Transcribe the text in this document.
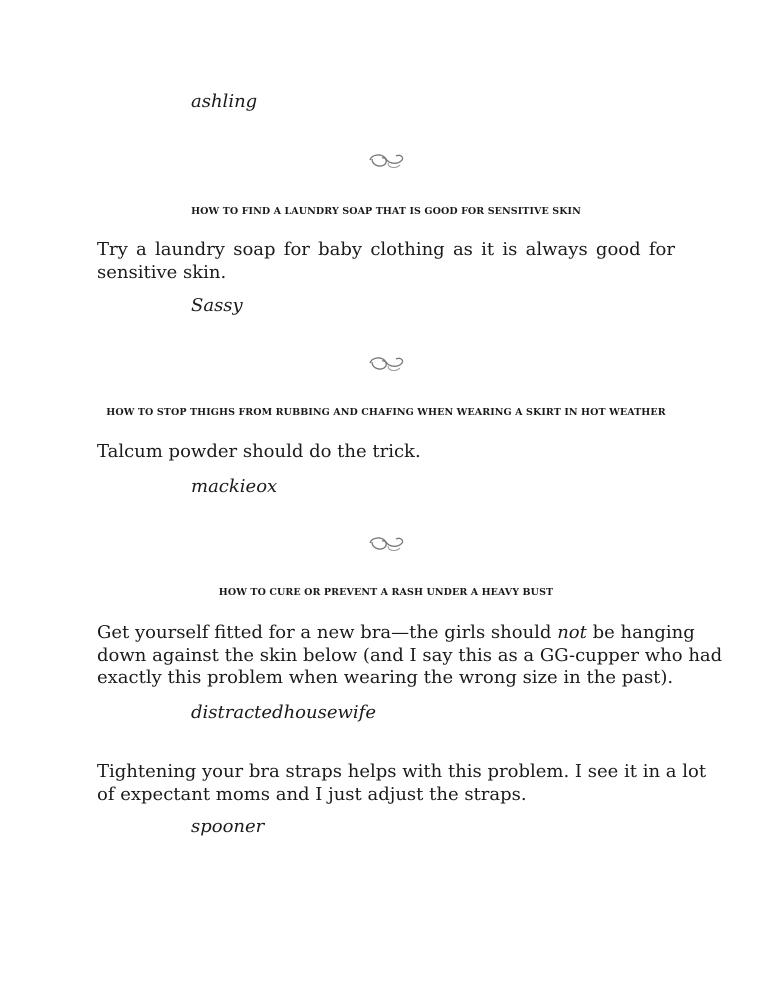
ashling
HOW TO FIND A LAUNDRY SOAP THAT IS GOOD FOR SENSITIVE SKIN
Try a laundry soap for baby clothing as it is always good for
sensitive skin.
Sassy
HOW TO STOP THIGHS FROM RUBBING AND CHAFING WHEN WEARING A SKIRT IN HOT WEATHER
Talcum powder should do the trick.
mackieox
HOW TO CURE OR PREVENT A RASH UNDER A HEAVY BUST
Get yourself fitted for a new bra—the girls should not be hanging
down against the skin below (and I say this as a GG-cupper who had
exactly this problem when wearing the wrong size in the past).
distractedhousewife
Tightening your bra straps helps with this problem. I see it in a lot
of expectant moms and I just adjust the straps.
spooner
